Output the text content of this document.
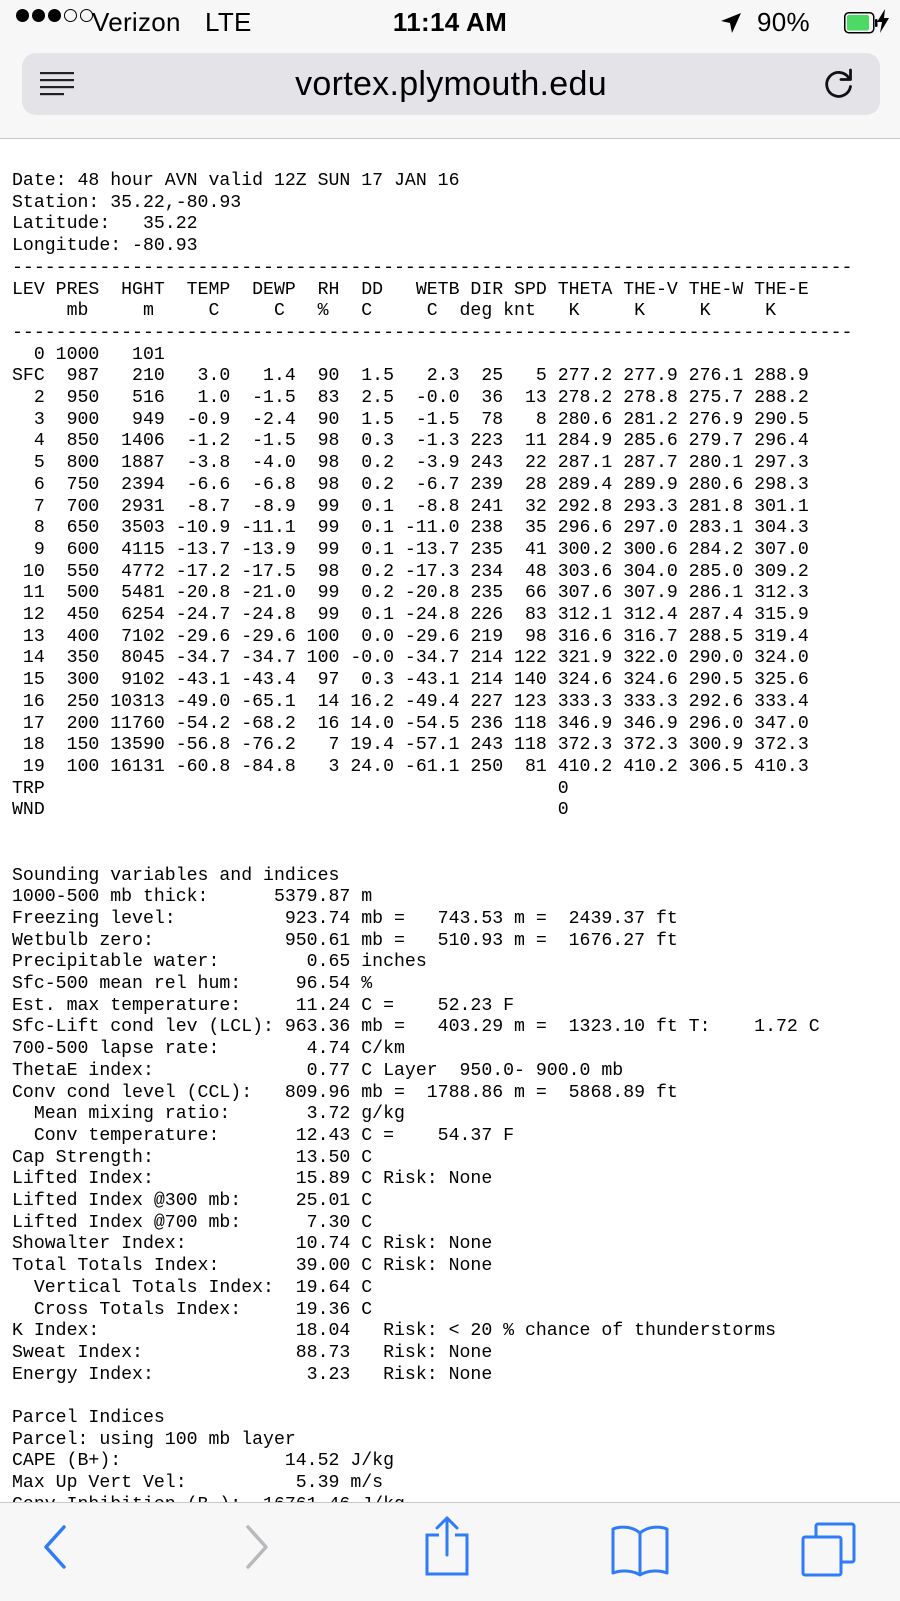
Verizon LTE	11:14 AM	90%
vortex.plymouth.edu
Date: 48 hour AVN valid 12Z SUN 17 JAN 16
Station: 35.22,-80.93
Latitude:   35.22
Longitude: -80.93
-----------------------------------------------------------------------------
LEV PRES  HGHT  TEMP  DEWP  RH  DD   WETB DIR SPD THETA THE-V THE-W THE-E
mb     m     C     C   %   C     C  deg knt   K     K     K     K
-----------------------------------------------------------------------------
0 1000   101
SFC  987   210   3.0   1.4  90  1.5   2.3  25   5 277.2 277.9 276.1 288.9
2  950   516   1.0  -1.5  83  2.5  -0.0  36  13 278.2 278.8 275.7 288.2
3  900   949  -0.9  -2.4  90  1.5  -1.5  78   8 280.6 281.2 276.9 290.5
4  850  1406  -1.2  -1.5  98  0.3  -1.3 223  11 284.9 285.6 279.7 296.4
5  800  1887  -3.8  -4.0  98  0.2  -3.9 243  22 287.1 287.7 280.1 297.3
6  750  2394  -6.6  -6.8  98  0.2  -6.7 239  28 289.4 289.9 280.6 298.3
7  700  2931  -8.7  -8.9  99  0.1  -8.8 241  32 292.8 293.3 281.8 301.1
8  650  3503 -10.9 -11.1  99  0.1 -11.0 238  35 296.6 297.0 283.1 304.3
9  600  4115 -13.7 -13.9  99  0.1 -13.7 235  41 300.2 300.6 284.2 307.0
10  550  4772 -17.2 -17.5  98  0.2 -17.3 234  48 303.6 304.0 285.0 309.2
11  500  5481 -20.8 -21.0  99  0.2 -20.8 235  66 307.6 307.9 286.1 312.3
12  450  6254 -24.7 -24.8  99  0.1 -24.8 226  83 312.1 312.4 287.4 315.9
13  400  7102 -29.6 -29.6 100  0.0 -29.6 219  98 316.6 316.7 288.5 319.4
14  350  8045 -34.7 -34.7 100 -0.0 -34.7 214 122 321.9 322.0 290.0 324.0
15  300  9102 -43.1 -43.4  97  0.3 -43.1 214 140 324.6 324.6 290.5 325.6
16  250 10313 -49.0 -65.1  14 16.2 -49.4 227 123 333.3 333.3 292.6 333.4
17  200 11760 -54.2 -68.2  16 14.0 -54.5 236 118 346.9 346.9 296.0 347.0
18  150 13590 -56.8 -76.2   7 19.4 -57.1 243 118 372.3 372.3 300.9 372.3
19  100 16131 -60.8 -84.8   3 24.0 -61.1 250  81 410.2 410.2 306.5 410.3
TRP                                               0
WND                                               0

Sounding variables and indices
1000-500 mb thick:      5379.87 m
Freezing level:          923.74 mb =   743.53 m =  2439.37 ft
Wetbulb zero:            950.61 mb =   510.93 m =  1676.27 ft
Precipitable water:        0.65 inches
Sfc-500 mean rel hum:     96.54 %
Est. max temperature:     11.24 C =    52.23 F
Sfc-Lift cond lev (LCL): 963.36 mb =   403.29 m =  1323.10 ft T:    1.72 C
700-500 lapse rate:        4.74 C/km
ThetaE index:              0.77 C Layer  950.0- 900.0 mb
Conv cond level (CCL):   809.96 mb =  1788.86 m =  5868.89 ft
Mean mixing ratio:       3.72 g/kg
Conv temperature:       12.43 C =    54.37 F
Cap Strength:             13.50 C
Lifted Index:             15.89 C Risk: None
Lifted Index @300 mb:     25.01 C
Lifted Index @700 mb:      7.30 C
Showalter Index:          10.74 C Risk: None
Total Totals Index:       39.00 C Risk: None
Vertical Totals Index:  19.64 C
Cross Totals Index:     19.36 C
K Index:                  18.04   Risk: < 20 % chance of thunderstorms
Sweat Index:              88.73   Risk: None
Energy Index:              3.23   Risk: None

Parcel Indices
Parcel: using 100 mb layer
CAPE (B+):               14.52 J/kg
Max Up Vert Vel:          5.39 m/s
